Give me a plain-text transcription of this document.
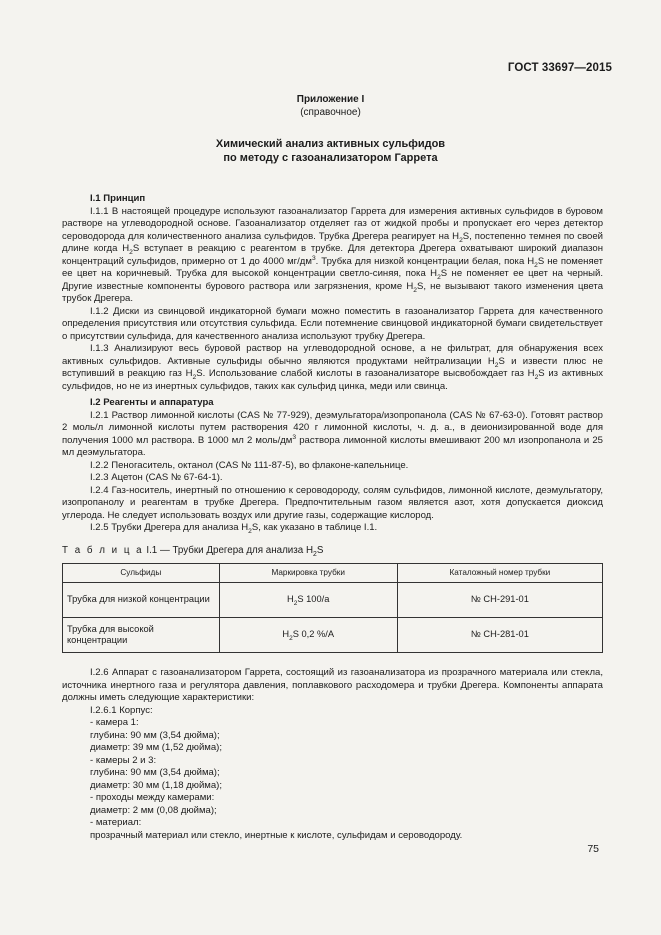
ГОСТ 33697—2015
Приложение I
(справочное)
Химический анализ активных сульфидов
по методу с газоанализатором Гаррета

I.1 Принцип

I.1.1 В настоящей процедуре используют газоанализатор Гаррета для измерения активных сульфидов в буровом растворе на углеводородной основе. Газоанализатор отделяет газ от жидкой пробы и пропускает его через детектор сероводорода для количественного анализа сульфидов. Трубка Дрегера реагирует на $H_2S$, постепенно темнея по своей длине когда $H_2S$ вступает в реакцию с реагентом в трубке. Для детектора Дрегера охватывают широкий диапазон концентраций сульфидов, примерно от 1 до 4000 $мг/дм^3$. Трубка для низкой концентрации белая, пока $H_2S$ не поменяет ее цвет на коричневый. Трубка для высокой концентрации светло-синяя, пока $H_2S$ не поменяет ее цвет на черный. Другие известные компоненты бурового раствора или загрязнения, кроме $H_2S$, не вызывают такого изменения цвета трубок Дрегера.

I.1.2 Диски из свинцовой индикаторной бумаги можно поместить в газоанализатор Гаррета для качественного определения присутствия или отсутствия сульфида. Если потемнение свинцовой индикаторной бумаги свидетельствует о присутствии сульфида, для качественного анализа используют трубку Дрегера.

I.1.3 Анализируют весь буровой раствор на углеводородной основе, а не фильтрат, для обнаружения всех активных сульфидов. Активные сульфиды обычно являются продуктами нейтрализации $H_2S$ и извести плюс не вступивший в реакцию газ $H_2S$. Использование слабой кислоты в газоанализаторе высвобождает газ $H_2S$ из активных сульфидов, но не из инертных сульфидов, таких как сульфид цинка, меди или свинца.

I.2 Реагенты и аппаратура

I.2.1 Раствор лимонной кислоты (CAS № 77-929), деэмульгатора/изопропанола (CAS № 67-63-0). Готовят раствор 2 моль/л лимонной кислоты путем растворения 420 г лимонной кислоты, ч. д. а., в деионизированной воде для получения 1000 мл раствора. В 1000 мл 2 моль/$дм^3$ раствора лимонной кислоты вмешивают 200 мл изопропанола и 25 мл деэмульгатора.

I.2.2 Пеногаситель, октанол (CAS № 111-87-5), во флаконе-капельнице.

I.2.3 Ацетон (CAS № 67-64-1).

I.2.4 Газ-носитель, инертный по отношению к сероводороду, солям сульфидов, лимонной кислоте, деэмульгатору, изопропанолу и реагентам в трубке Дрегера. Предпочтительным газом является азот, хотя допускается диоксид углерода. Не следует использовать воздух или другие газы, содержащие кислород.

I.2.5 Трубки Дрегера для анализа $H_2S$, как указано в таблице I.1.

Т а б л и ц а I.1 — Трубки Дрегера для анализа $H_2S$
Сульфиды	Маркировка трубки	Каталожный номер трубки
Трубка для низкой концентрации	$H_2S$ 100/а	№ CH-291-01
Трубка для высокой концентрации	$H_2S$ 0,2 %/А	№ CH-281-01

I.2.6 Аппарат с газоанализатором Гаррета, состоящий из газоанализатора из прозрачного материала или стекла, источника инертного газа и регулятора давления, поплавкового расходомера и трубки Дрегера. Компоненты аппарата должны иметь следующие характеристики:

I.2.6.1 Корпус:

- камера 1:

глубина: 90 мм (3,54 дюйма);

диаметр: 39 мм (1,52 дюйма);

- камеры 2 и 3:

глубина: 90 мм (3,54 дюйма);

диаметр: 30 мм (1,18 дюйма);

- проходы между камерами:

диаметр: 2 мм (0,08 дюйма);

- материал:

прозрачный материал или стекло, инертные к кислоте, сульфидам и сероводороду.

75
